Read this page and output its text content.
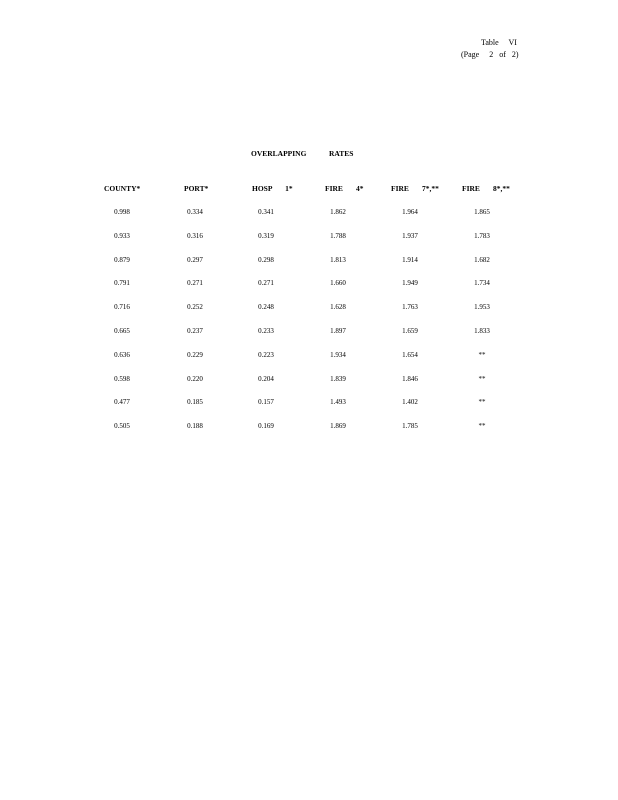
Table     VI
(Page     2   of   2)
OVERLAPPING	RATES
COUNTY*	PORT*	HOSP       1*	FIRE       4*	FIRE       7*,**	FIRE       8*,**
0.998	0.334	0.341	1.862	1.964	1.865
0.933	0.316	0.319	1.788	1.937	1.783
0.879	0.297	0.298	1.813	1.914	1.682
0.791	0.271	0.271	1.660	1.949	1.734
0.716	0.252	0.248	1.628	1.763	1.953
0.665	0.237	0.233	1.897	1.659	1.833
0.636	0.229	0.223	1.934	1.654	**
0.598	0.220	0.204	1.839	1.846	**
0.477	0.185	0.157	1.493	1.402	**
0.505	0.188	0.169	1.869	1.785	**
